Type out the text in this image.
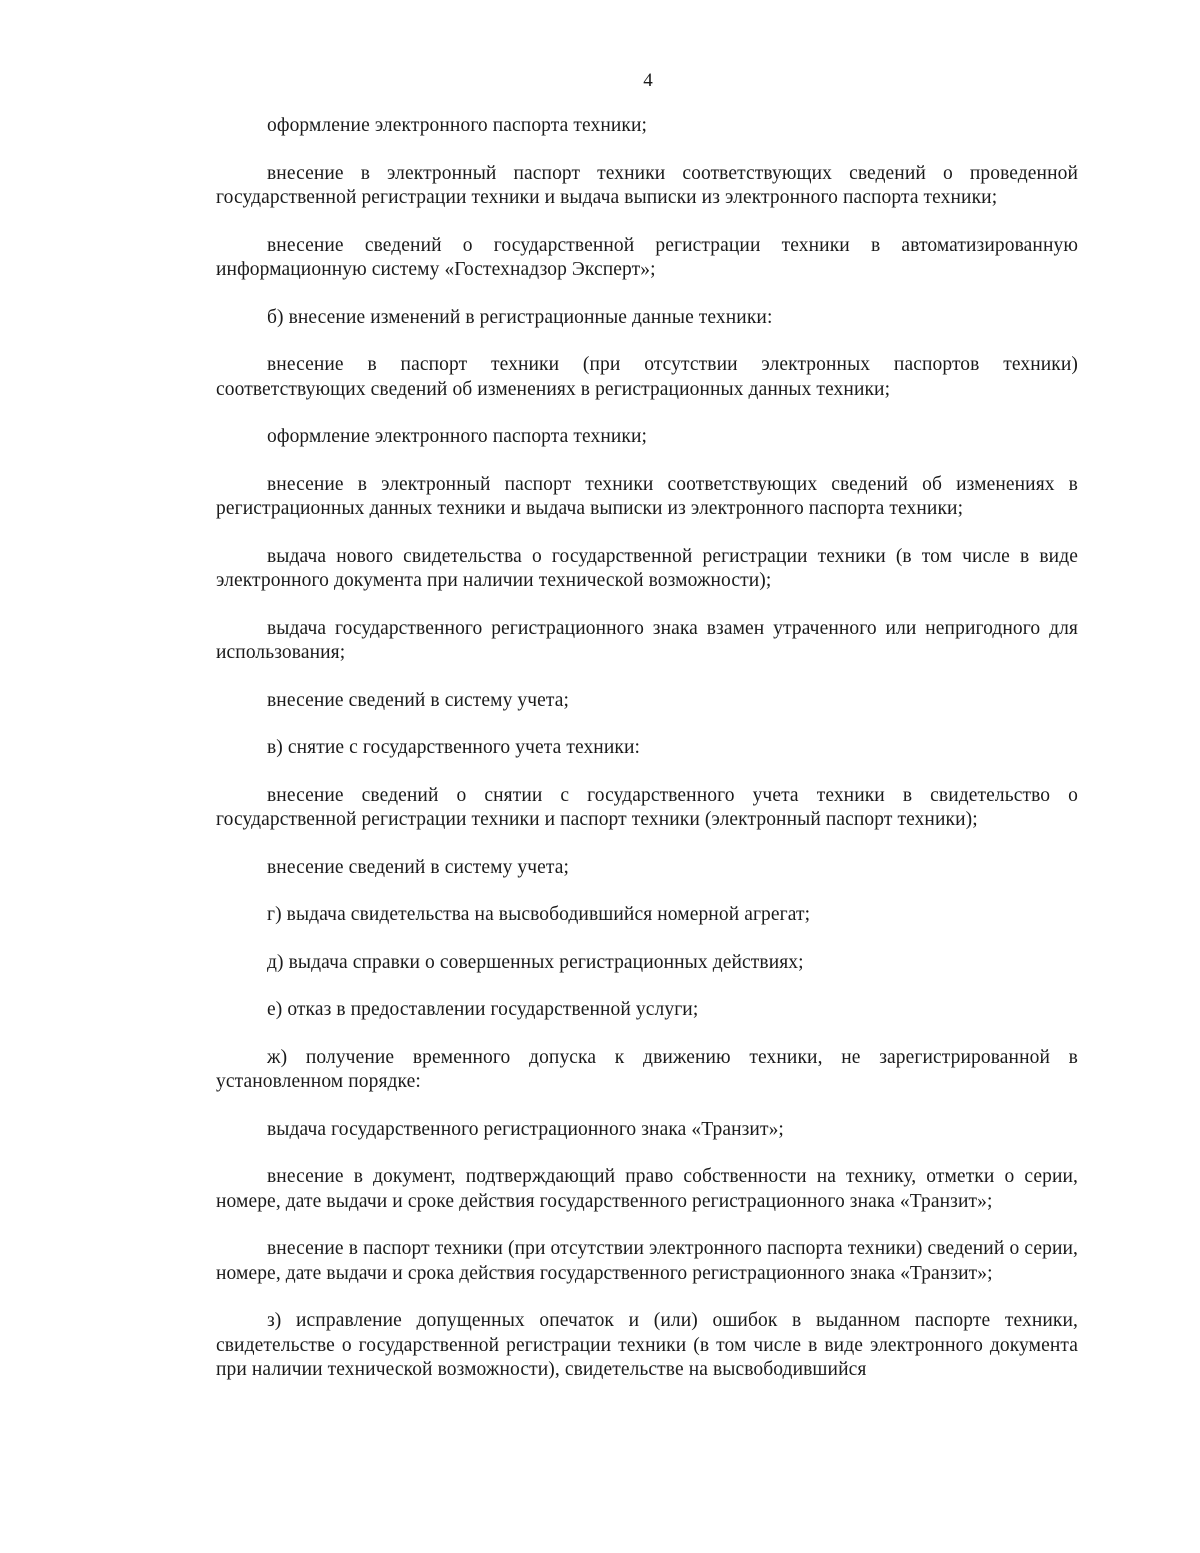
4

оформление электронного паспорта техники;

внесение в электронный паспорт техники соответствующих сведений о проведенной государственной регистрации техники и выдача выписки из электронного паспорта техники;

внесение сведений о государственной регистрации техники в автоматизированную информационную систему «Гостехнадзор Эксперт»;

б) внесение изменений в регистрационные данные техники:

внесение в паспорт техники (при отсутствии электронных паспортов техники) соответствующих сведений об изменениях в регистрационных данных техники;

оформление электронного паспорта техники;

внесение в электронный паспорт техники соответствующих сведений об изменениях в регистрационных данных техники и выдача выписки из электронного паспорта техники;

выдача нового свидетельства о государственной регистрации техники (в том числе в виде электронного документа при наличии технической возможности);

выдача государственного регистрационного знака взамен утраченного или непригодного для использования;

внесение сведений в систему учета;

в) снятие с государственного учета техники:

внесение сведений о снятии с государственного учета техники в свидетельство о государственной регистрации техники и паспорт техники (электронный паспорт техники);

внесение сведений в систему учета;

г) выдача свидетельства на высвободившийся номерной агрегат;

д) выдача справки о совершенных регистрационных действиях;

е) отказ в предоставлении государственной услуги;

ж) получение временного допуска к движению техники, не зарегистрированной в установленном порядке:

выдача государственного регистрационного знака «Транзит»;

внесение в документ, подтверждающий право собственности на технику, отметки о серии, номере, дате выдачи и сроке действия государственного регистрационного знака «Транзит»;

внесение в паспорт техники (при отсутствии электронного паспорта техники) сведений о серии, номере, дате выдачи и срока действия государственного регистрационного знака «Транзит»;

з) исправление допущенных опечаток и (или) ошибок в выданном паспорте техники, свидетельстве о государственной регистрации техники (в том числе в виде электронного документа при наличии технической возможности), свидетельстве на высвободившийся
